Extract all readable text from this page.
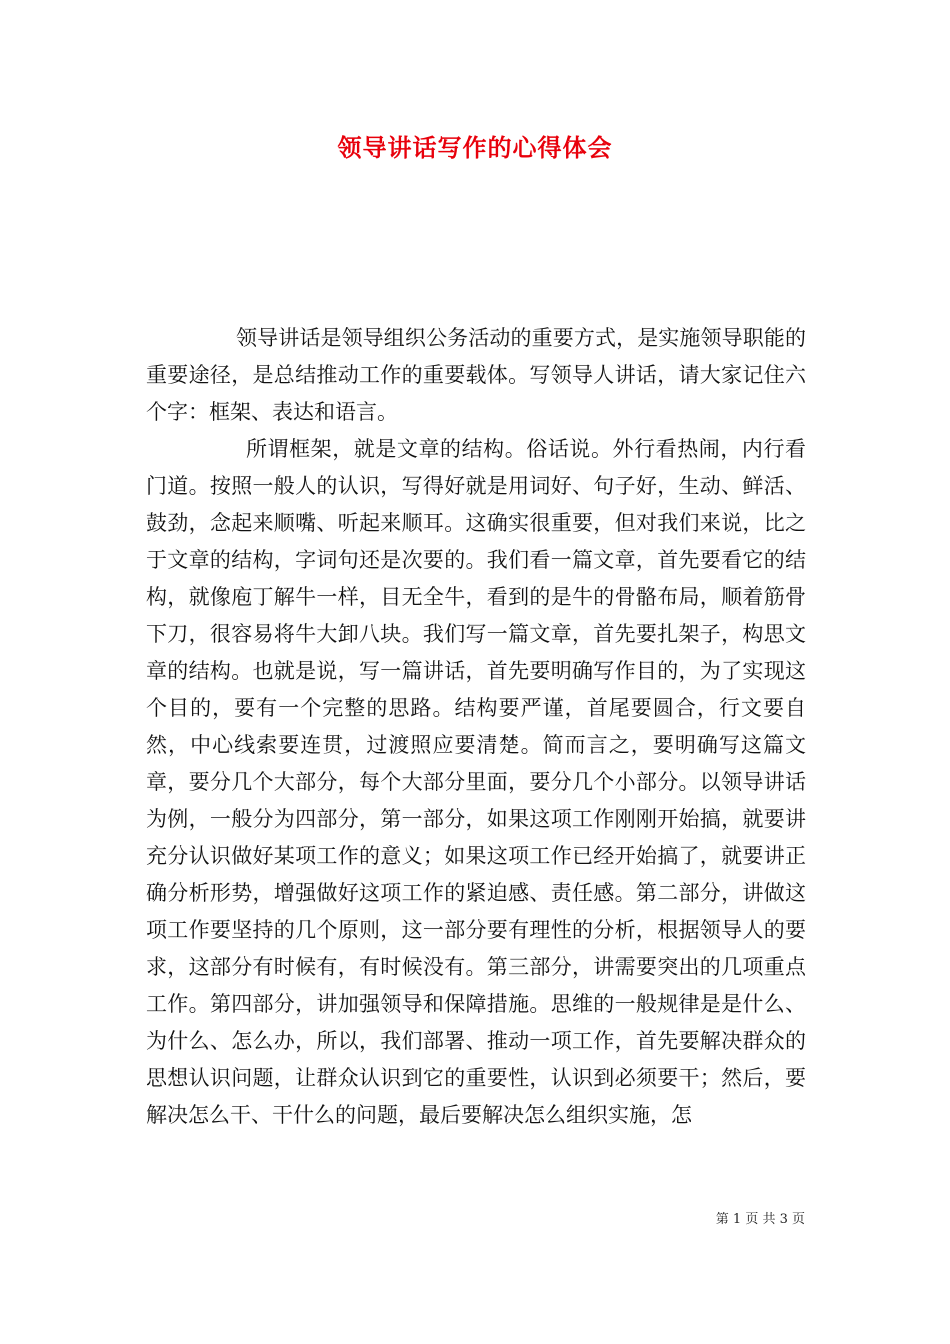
领导讲话写作的心得体会

领导讲话是领导组织公务活动的重要方式，是实施领导职能的重要途径，是总结推动工作的重要载体。写领导人讲话，请大家记住六个字：框架、表达和语言。

所谓框架，就是文章的结构。俗话说。外行看热闹，内行看门道。按照一般人的认识，写得好就是用词好、句子好，生动、鲜活、鼓劲，念起来顺嘴、听起来顺耳。这确实很重要，但对我们来说，比之于文章的结构，字词句还是次要的。我们看一篇文章，首先要看它的结构，就像庖丁解牛一样，目无全牛，看到的是牛的骨骼布局，顺着筋骨下刀，很容易将牛大卸八块。我们写一篇文章，首先要扎架子，构思文章的结构。也就是说，写一篇讲话，首先要明确写作目的，为了实现这个目的，要有一个完整的思路。结构要严谨，首尾要圆合，行文要自然，中心线索要连贯，过渡照应要清楚。简而言之，要明确写这篇文章，要分几个大部分，每个大部分里面，要分几个小部分。以领导讲话为例，一般分为四部分，第一部分，如果这项工作刚刚开始搞，就要讲充分认识做好某项工作的意义；如果这项工作已经开始搞了，就要讲正确分析形势，增强做好这项工作的紧迫感、责任感。第二部分，讲做这项工作要坚持的几个原则，这一部分要有理性的分析，根据领导人的要求，这部分有时候有，有时候没有。第三部分，讲需要突出的几项重点工作。第四部分，讲加强领导和保障措施。思维的一般规律是是什么、为什么、怎么办，所以，我们部署、推动一项工作，首先要解决群众的思想认识问题，让群众认识到它的重要性，认识到必须要干；然后，要解决怎么干、干什么的问题，最后要解决怎么组织实施，怎

第 1 页 共 3 页
